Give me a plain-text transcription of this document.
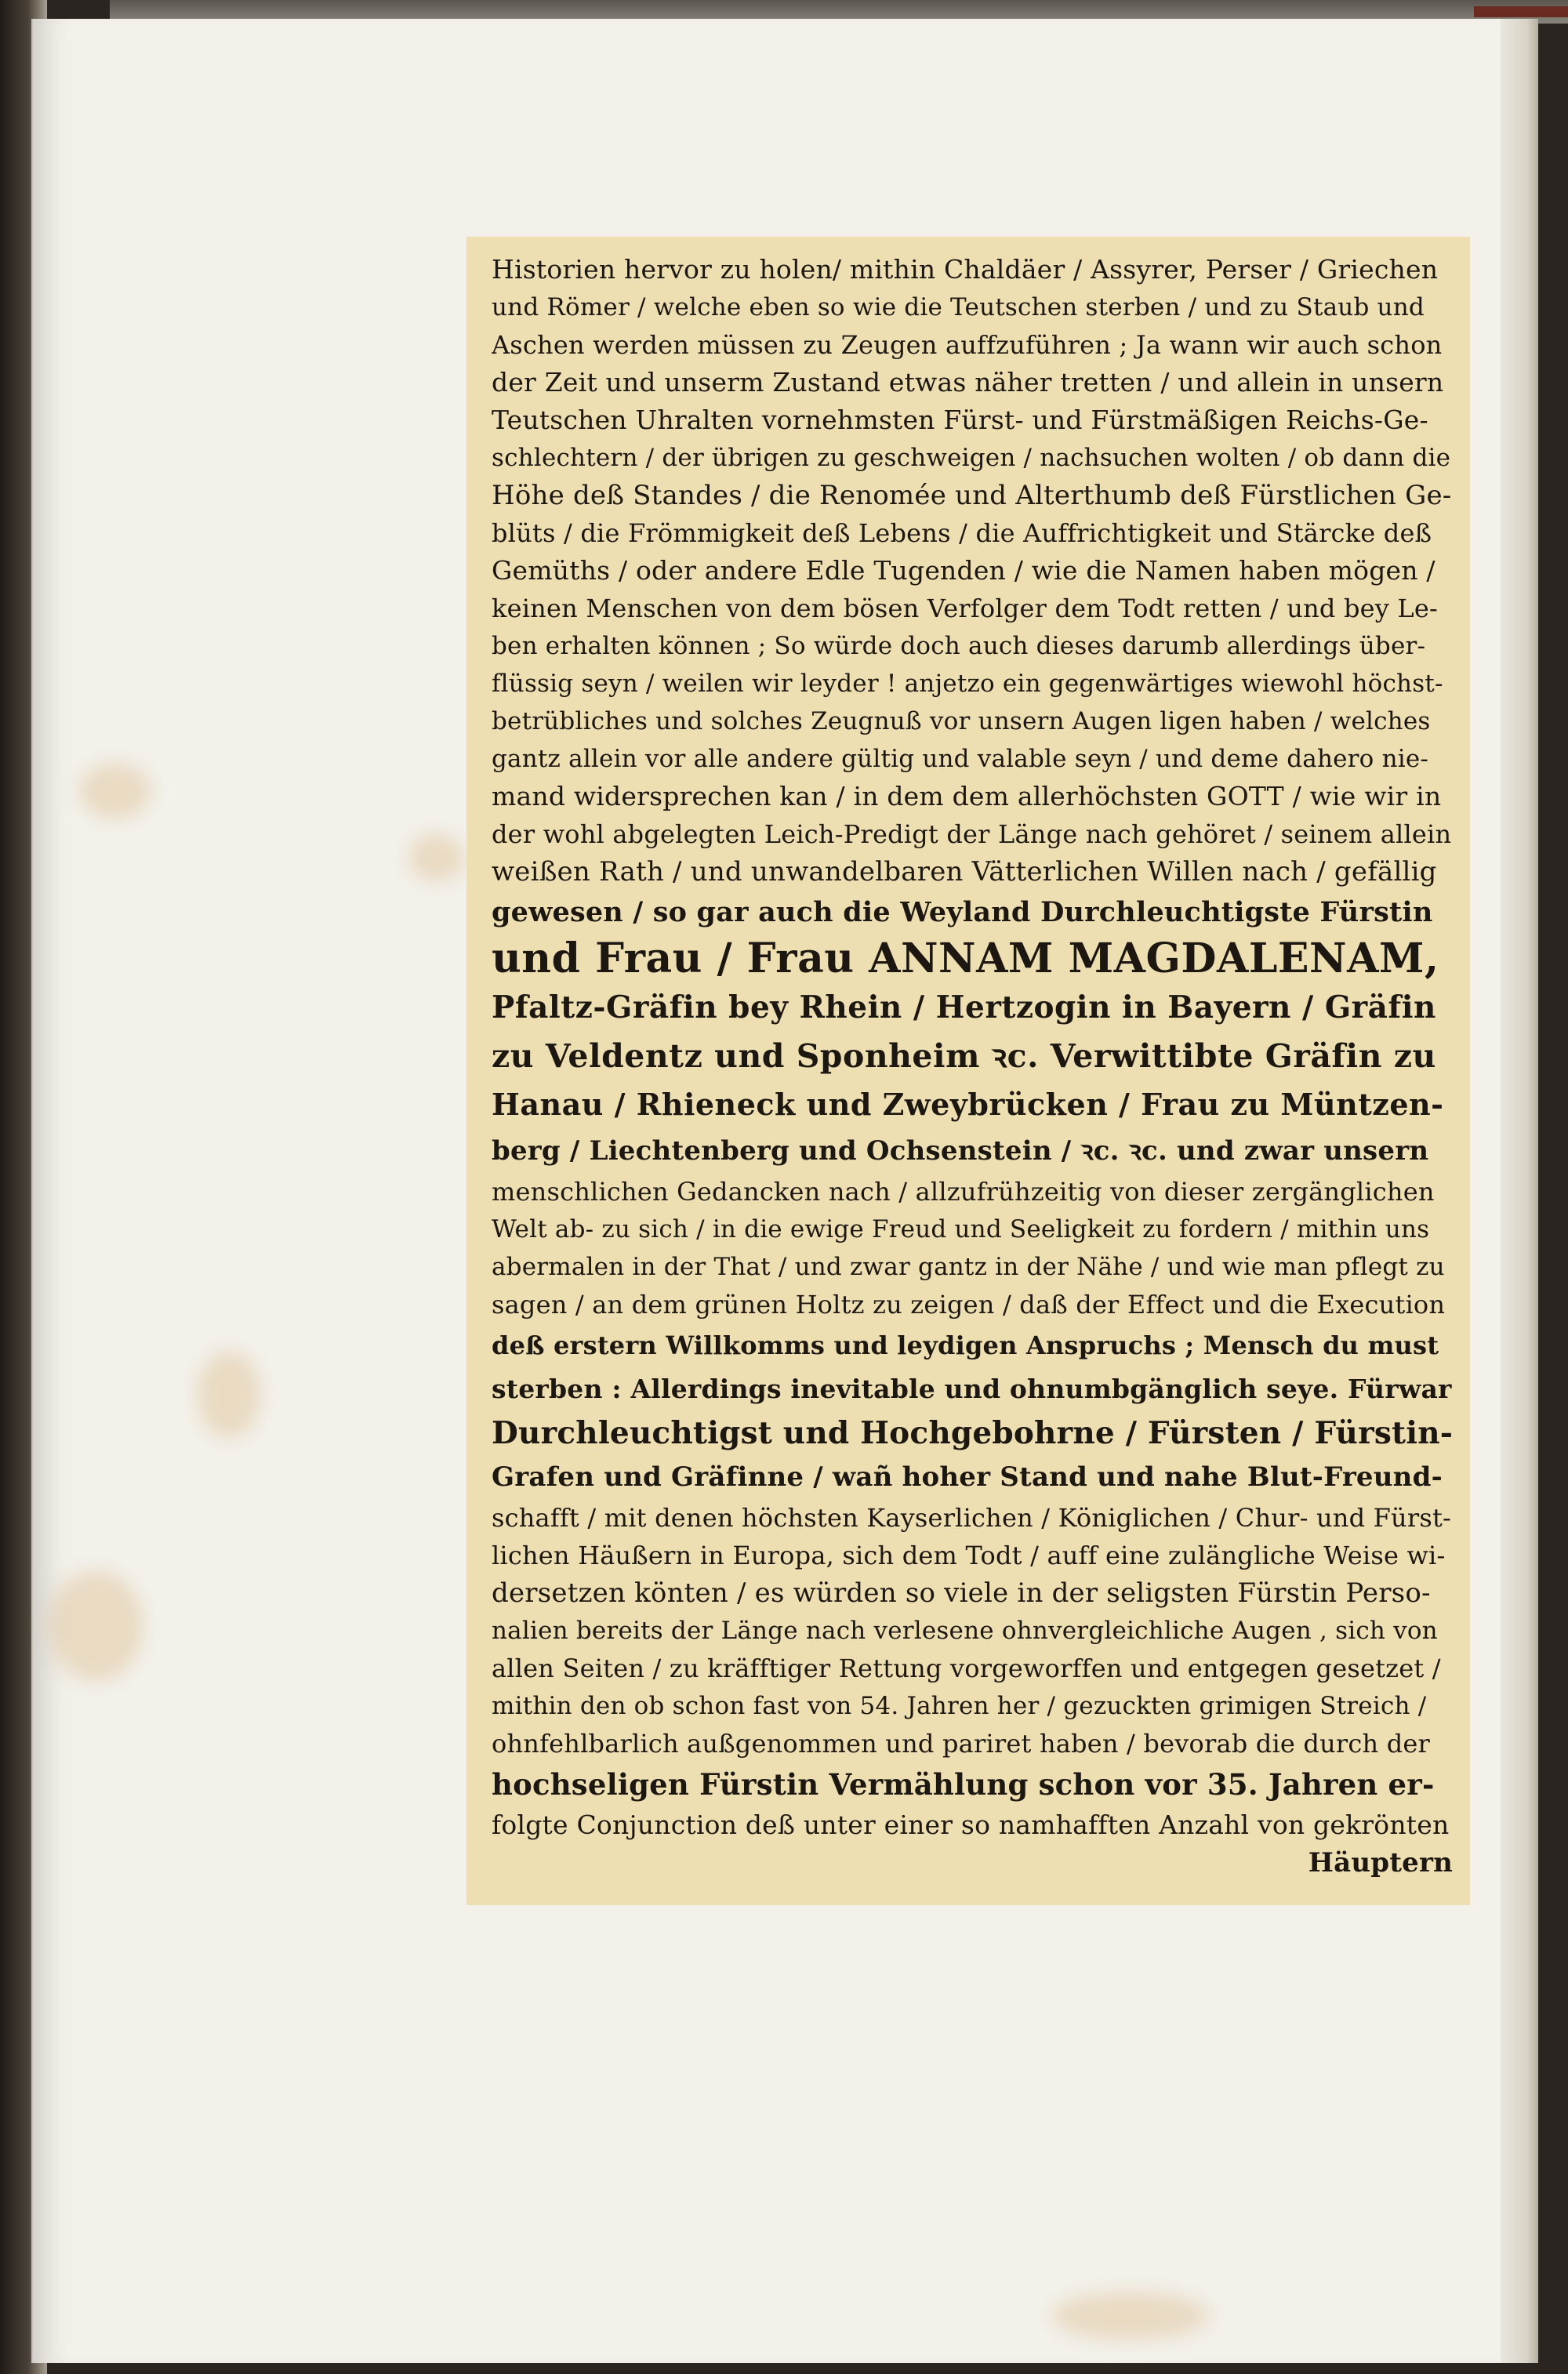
Historien hervor zu holen/ mithin Chaldäer / Assyrer, Perser / Griechen
und Römer / welche eben so wie die Teutschen sterben / und zu Staub und
Aschen werden müssen zu Zeugen auffzuführen ; Ja wann wir auch schon
der Zeit und unserm Zustand etwas näher tretten / und allein in unsern
Teutschen Uhralten vornehmsten Fürst- und Fürstmäßigen Reichs-Ge-
schlechtern / der übrigen zu geschweigen / nachsuchen wolten / ob dann die
Höhe deß Standes / die Renomée und Alterthumb deß Fürstlichen Ge-
blüts / die Frömmigkeit deß Lebens / die Auffrichtigkeit und Stärcke deß
Gemüths / oder andere Edle Tugenden / wie die Namen haben mögen /
keinen Menschen von dem bösen Verfolger dem Todt retten / und bey Le-
ben erhalten können ; So würde doch auch dieses darumb allerdings über-
flüssig seyn / weilen wir leyder ! anjetzo ein gegenwärtiges wiewohl höchst-
betrübliches und solches Zeugnuß vor unsern Augen ligen haben / welches
gantz allein vor alle andere gültig und valable seyn / und deme dahero nie-
mand widersprechen kan / in dem dem allerhöchsten GOTT / wie wir in
der wohl abgelegten Leich-Predigt der Länge nach gehöret / seinem allein
weißen Rath / und unwandelbaren Vätterlichen Willen nach / gefällig
gewesen / so gar auch die Weyland Durchleuchtigste Fürstin
und Frau / Frau ANNAM MAGDALENAM,
Pfaltz-Gräfin bey Rhein / Hertzogin in Bayern / Gräfin
zu Veldentz und Sponheim ꝛc. Verwittibte Gräfin zu
Hanau / Rhieneck und Zweybrücken / Frau zu Müntzen-
berg / Liechtenberg und Ochsenstein / ꝛc. ꝛc. und zwar unsern
menschlichen Gedancken nach / allzufrühzeitig von dieser zergänglichen
Welt ab- zu sich / in die ewige Freud und Seeligkeit zu fordern / mithin uns
abermalen in der That / und zwar gantz in der Nähe / und wie man pflegt zu
sagen / an dem grünen Holtz zu zeigen / daß der Effect und die Execution
deß erstern Willkomms und leydigen Anspruchs ; Mensch du must
sterben : Allerdings inevitable und ohnumbgänglich seye. Fürwar
Durchleuchtigst und Hochgebohrne / Fürsten / Fürstin-
Grafen und Gräfinne / wañ hoher Stand und nahe Blut-Freund-
schafft / mit denen höchsten Kayserlichen / Königlichen / Chur- und Fürst-
lichen Häußern in Europa, sich dem Todt / auff eine zulängliche Weise wi-
dersetzen könten / es würden so viele in der seligsten Fürstin Perso-
nalien bereits der Länge nach verlesene ohnvergleichliche Augen , sich von
allen Seiten / zu kräfftiger Rettung vorgeworffen und entgegen gesetzet /
mithin den ob schon fast von 54. Jahren her / gezuckten grimigen Streich /
ohnfehlbarlich außgenommen und pariret haben / bevorab die durch der
hochseligen Fürstin Vermählung schon vor 35. Jahren er-
folgte Conjunction deß unter einer so namhafften Anzahl von gekrönten
Häuptern
